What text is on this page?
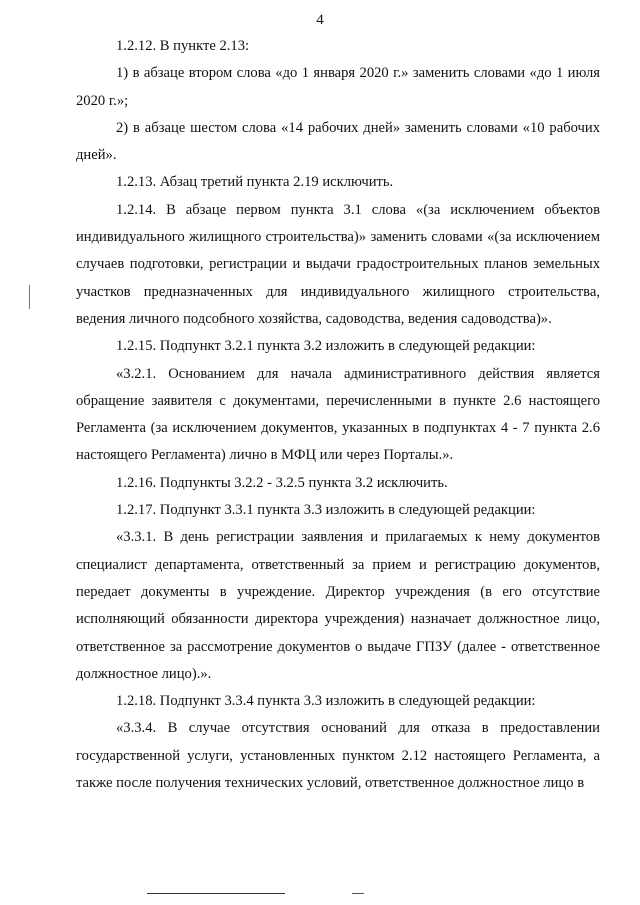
4

1.2.12. В пункте 2.13:

1) в абзаце втором слова «до 1 января 2020 г.» заменить словами «до 1 июля 2020 г.»;

2) в абзаце шестом слова «14 рабочих дней» заменить словами «10 рабочих дней».

1.2.13. Абзац третий пункта 2.19 исключить.

1.2.14. В абзаце первом пункта 3.1 слова «(за исключением объектов индивидуального жилищного строительства)» заменить словами «(за исключением случаев подготовки, регистрации и выдачи градостроительных планов земельных участков предназначенных для индивидуального жилищного строительства, ведения личного подсобного хозяйства, садоводства, ведения садоводства)».

1.2.15. Подпункт 3.2.1 пункта 3.2 изложить в следующей редакции:

«3.2.1. Основанием для начала административного действия является обращение заявителя с документами, перечисленными в пункте 2.6 настоящего Регламента (за исключением документов, указанных в подпунктах 4 - 7 пункта 2.6 настоящего Регламента) лично в МФЦ или через Порталы.».

1.2.16. Подпункты 3.2.2 - 3.2.5 пункта 3.2 исключить.

1.2.17. Подпункт 3.3.1 пункта 3.3 изложить в следующей редакции:

«3.3.1. В день регистрации заявления и прилагаемых к нему документов специалист департамента, ответственный за прием и регистрацию документов, передает документы в учреждение. Директор учреждения (в его отсутствие исполняющий обязанности директора учреждения) назначает должностное лицо, ответственное за рассмотрение документов о выдаче ГПЗУ (далее - ответственное должностное лицо).».

1.2.18. Подпункт 3.3.4 пункта 3.3 изложить в следующей редакции:

«3.3.4. В случае отсутствия оснований для отказа в предоставлении государственной услуги, установленных пунктом 2.12 настоящего Регламента, а также после получения технических условий, ответственное должностное лицо в
